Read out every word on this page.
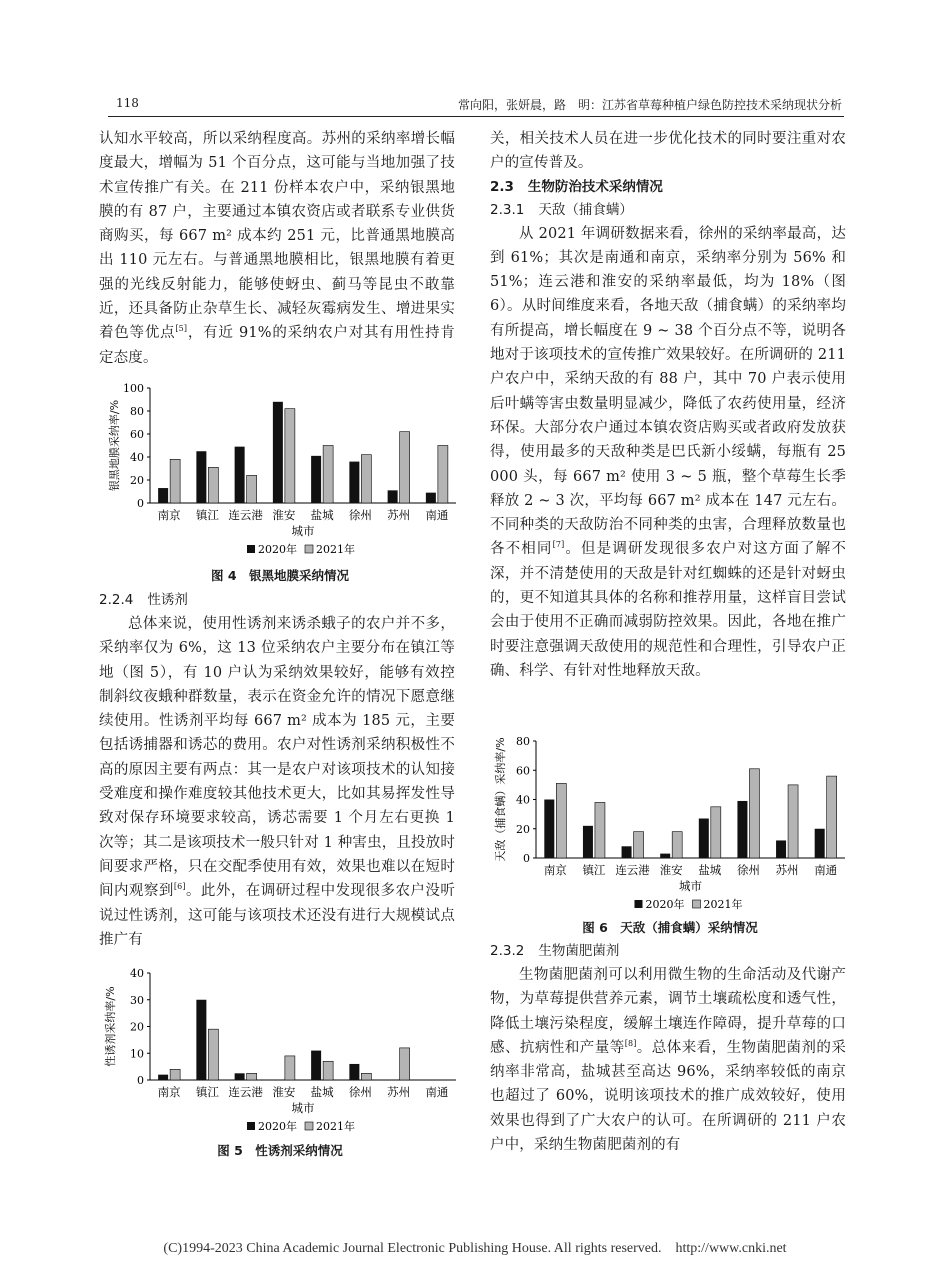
118	常向阳，张妍晨，路　明：江苏省草莓种植户绿色防控技术采纳现状分析

认知水平较高，所以采纳程度高。苏州的采纳率增长幅度最大，增幅为 51 个百分点，这可能与当地加强了技术宣传推广有关。在 211 份样本农户中，采纳银黑地膜的有 87 户，主要通过本镇农资店或者联系专业供货商购买，每 667 m² 成本约 251 元，比普通黑地膜高出 110 元左右。与普通黑地膜相比，银黑地膜有着更强的光线反射能力，能够使蚜虫、蓟马等昆虫不敢靠近，还具备防止杂草生长、减轻灰霉病发生、增进果实着色等优点[5]，有近 91%的采纳农户对其有用性持肯定态度。

0
20
40
60
80
100
银黑地膜采纳率/%
南京 镇江 连云港 淮安 盐城 徐州 苏州 南通
城市
2020年 2021年
图 4　银黑地膜采纳情况
2.2.4 性诱剂

总体来说，使用性诱剂来诱杀蛾子的农户并不多，采纳率仅为 6%，这 13 位采纳农户主要分布在镇江等地（图 5），有 10 户认为采纳效果较好，能够有效控制斜纹夜蛾种群数量，表示在资金允许的情况下愿意继续使用。性诱剂平均每 667 m² 成本为 185 元，主要包括诱捕器和诱芯的费用。农户对性诱剂采纳积极性不高的原因主要有两点：其一是农户对该项技术的认知接受难度和操作难度较其他技术更大，比如其易挥发性导致对保存环境要求较高，诱芯需要 1 个月左右更换 1 次等；其二是该项技术一般只针对 1 种害虫，且投放时间要求严格，只在交配季使用有效，效果也难以在短时间内观察到[6]。此外，在调研过程中发现很多农户没听说过性诱剂，这可能与该项技术还没有进行大规模试点推广有

0
10
20
30
40
性诱剂采纳率/%
南京 镇江 连云港 淮安 盐城 徐州 苏州 南通
城市
2020年 2021年
图 5　性诱剂采纳情况

关，相关技术人员在进一步优化技术的同时要注重对农户的宣传普及。

2.3 生物防治技术采纳情况
2.3.1 天敌（捕食螨）

从 2021 年调研数据来看，徐州的采纳率最高，达到 61%；其次是南通和南京，采纳率分别为 56% 和 51%；连云港和淮安的采纳率最低，均为 18%（图 6）。从时间维度来看，各地天敌（捕食螨）的采纳率均有所提高，增长幅度在 9 ~ 38 个百分点不等，说明各地对于该项技术的宣传推广效果较好。在所调研的 211 户农户中，采纳天敌的有 88 户，其中 70 户表示使用后叶螨等害虫数量明显减少，降低了农药使用量，经济环保。大部分农户通过本镇农资店购买或者政府发放获得，使用最多的天敌种类是巴氏新小绥螨，每瓶有 25 000 头，每 667 m² 使用 3 ~ 5 瓶，整个草莓生长季释放 2 ~ 3 次，平均每 667 m² 成本在 147 元左右。不同种类的天敌防治不同种类的虫害，合理释放数量也各不相同[7]。但是调研发现很多农户对这方面了解不深，并不清楚使用的天敌是针对红蜘蛛的还是针对蚜虫的，更不知道其具体的名称和推荐用量，这样盲目尝试会由于使用不正确而减弱防控效果。因此，各地在推广时要注意强调天敌使用的规范性和合理性，引导农户正确、科学、有针对性地释放天敌。

0
20
40
60
80
天敌（捕食螨）采纳率/%
南京 镇江 连云港 淮安 盐城 徐州 苏州 南通
城市
2020年 2021年
图 6　天敌（捕食螨）采纳情况
2.3.2 生物菌肥菌剂

生物菌肥菌剂可以利用微生物的生命活动及代谢产物，为草莓提供营养元素，调节土壤疏松度和透气性，降低土壤污染程度，缓解土壤连作障碍，提升草莓的口感、抗病性和产量等[8]。总体来看，生物菌肥菌剂的采纳率非常高，盐城甚至高达 96%，采纳率较低的南京也超过了 60%，说明该项技术的推广成效较好，使用效果也得到了广大农户的认可。在所调研的 211 户农户中，采纳生物菌肥菌剂的有

(C)1994-2023 China Academic Journal Electronic Publishing House. All rights reserved.　http://www.cnki.net
